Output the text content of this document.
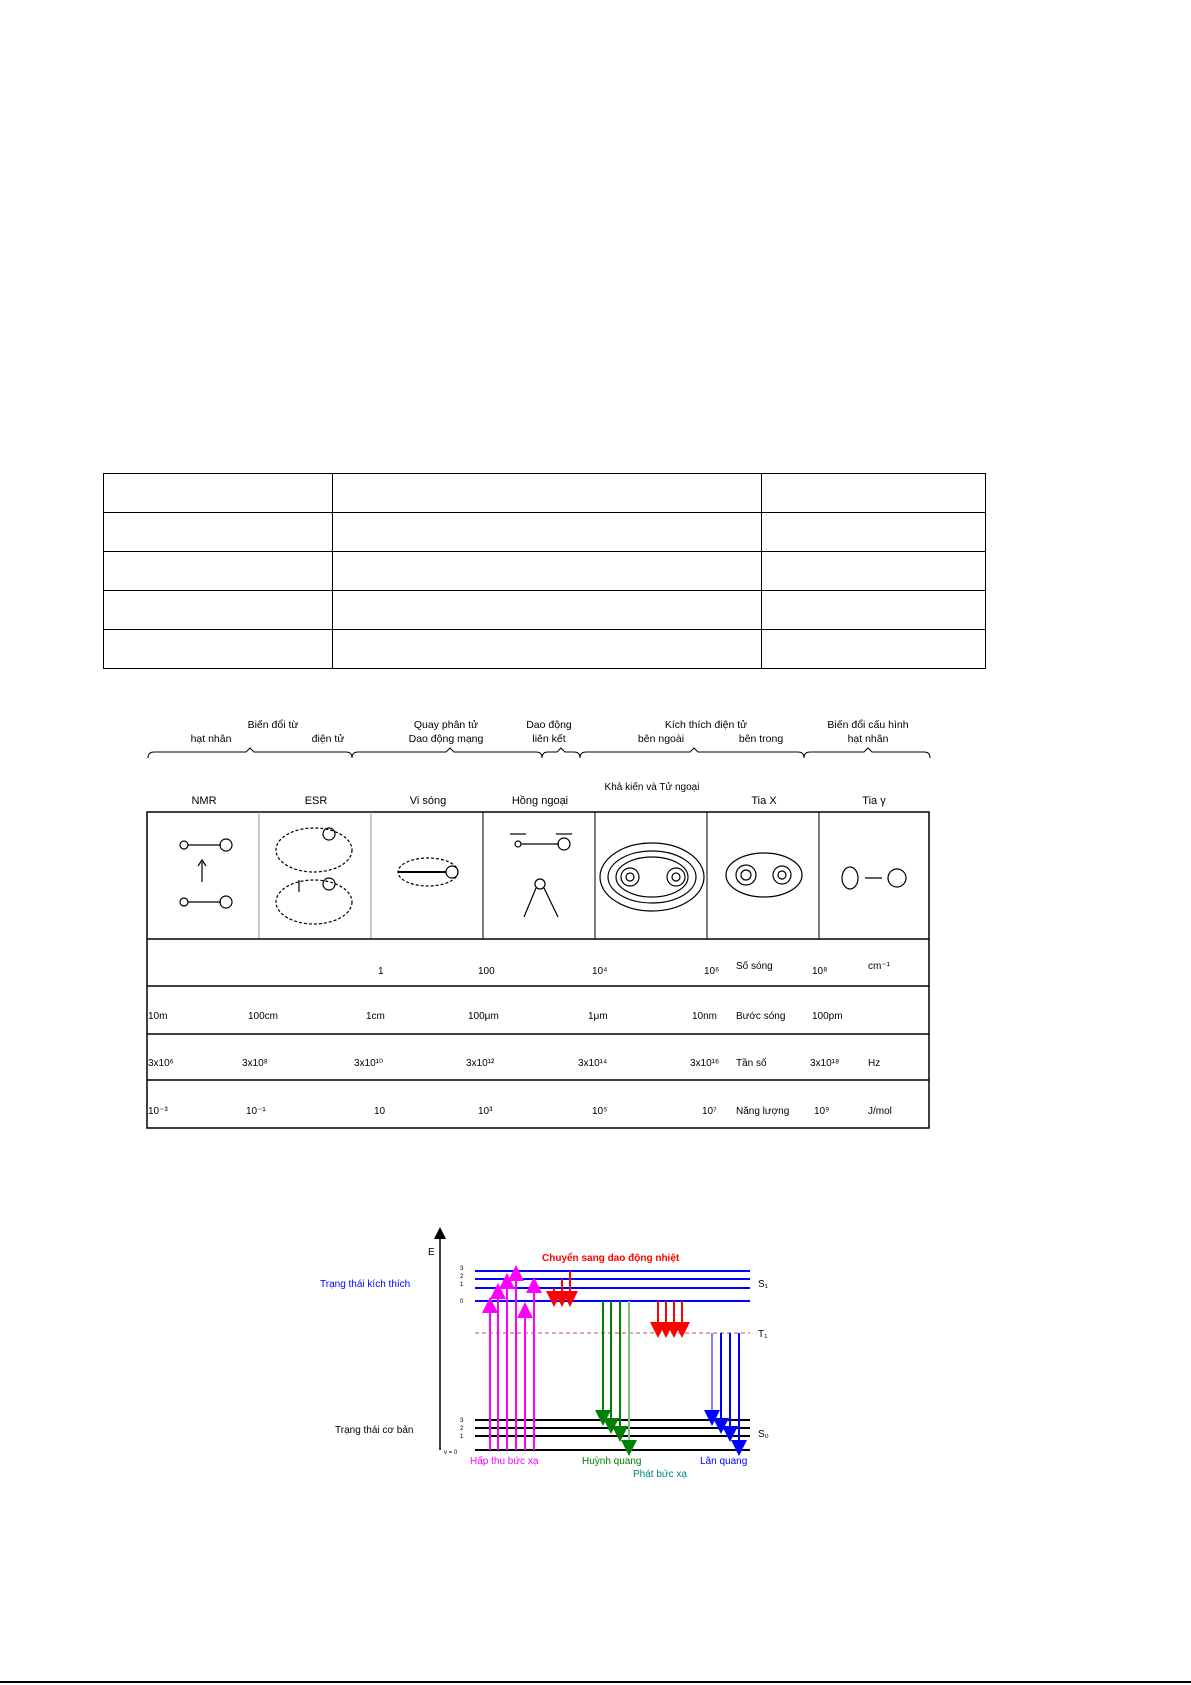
Biến đổi từ
hạt nhân	điện tử
Quay phân tử
Dao động mạng
Dao động
liên kết
Kích thích điện tử
bên ngoài	bên trong
Biến đổi cấu hình
hạt nhân
NMR	ESR	Vi sóng	Hồng ngoại
Khả kiến và Tử ngoại
Tia X	Tia γ
Số sóng	cm⁻¹
1	100	10⁴	10⁶	10⁸
Bước sóng
10m	100cm	1cm	100μm	1μm	10nm	100pm
Tần số	Hz
3x10⁶	3x10⁸	3x10¹⁰	3x10¹²	3x10¹⁴	3x10¹⁶	3x10¹⁸
Năng lượng	J/mol
10⁻³	10⁻¹	10	10³	10⁵	10⁷	10⁹
E
Trạng thái kích thích
Trạng thái cơ bản
3
2
1
0
3
2
1
v = 0
S₁
T₁
S₀
Chuyển sang dao động nhiệt
Hấp thu bức xạ	Huỳnh quang
Phát bức xạ
Lân quang
